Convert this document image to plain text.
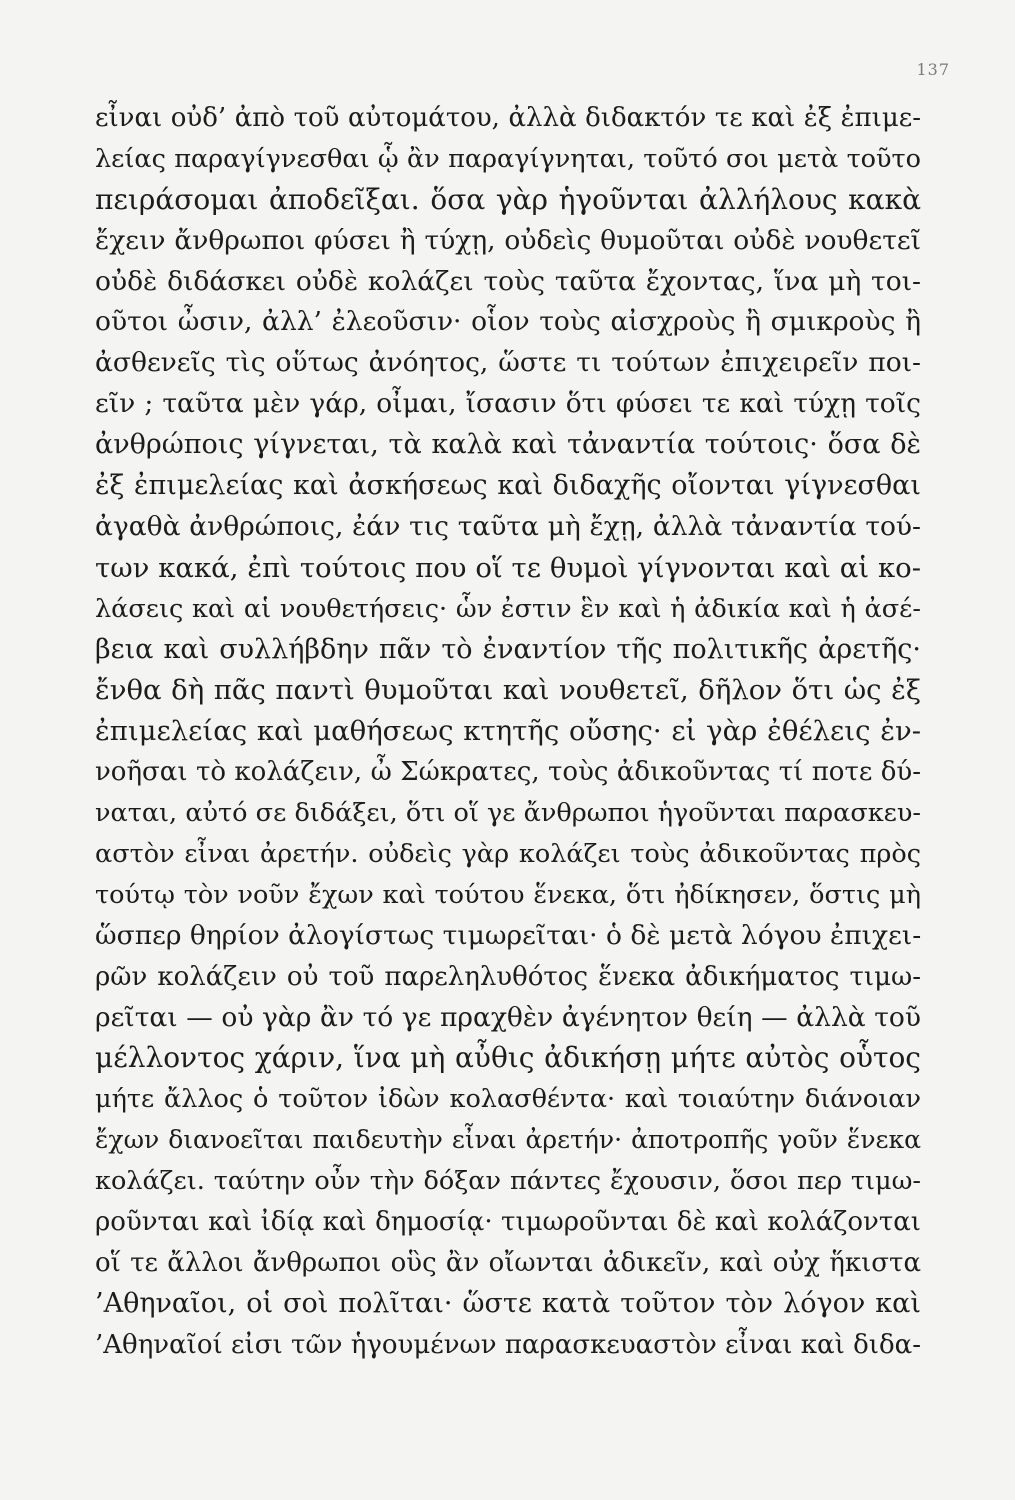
137
εἶναι οὐδ’ ἀπὸ τοῦ αὐτομάτου, ἀλλὰ διδακτόν τε καὶ ἐξ ἐπιμε-
λείας παραγίγνεσθαι ᾧ ἂν παραγίγνηται, τοῦτό σοι μετὰ τοῦτο
πειράσομαι ἀποδεῖξαι. ὅσα γὰρ ἡγοῦνται ἀλλήλους κακὰ
ἔχειν ἄνθρωποι φύσει ἢ τύχῃ, οὐδεὶς θυμοῦται οὐδὲ νουθετεῖ
οὐδὲ διδάσκει οὐδὲ κολάζει τοὺς ταῦτα ἔχοντας, ἵνα μὴ τοι-
οῦτοι ὦσιν, ἀλλ’ ἐλεοῦσιν· οἷον τοὺς αἰσχροὺς ἢ σμικροὺς ἢ
ἀσθενεῖς τὶς οὕτως ἀνόητος, ὥστε τι τούτων ἐπιχειρεῖν ποι-
εῖν ; ταῦτα μὲν γάρ, οἶμαι, ἴσασιν ὅτι φύσει τε καὶ τύχῃ τοῖς
ἀνθρώποις γίγνεται, τὰ καλὰ καὶ τἀναντία τούτοις· ὅσα δὲ
ἐξ ἐπιμελείας καὶ ἀσκήσεως καὶ διδαχῆς οἴονται γίγνεσθαι
ἀγαθὰ ἀνθρώποις, ἐάν τις ταῦτα μὴ ἔχῃ, ἀλλὰ τἀναντία τού-
των κακά, ἐπὶ τούτοις που οἵ τε θυμοὶ γίγνονται καὶ αἱ κο-
λάσεις καὶ αἱ νουθετήσεις· ὧν ἐστιν ἓν καὶ ἡ ἀδικία καὶ ἡ ἀσέ-
βεια καὶ συλλήβδην πᾶν τὸ ἐναντίον τῆς πολιτικῆς ἀρετῆς·
ἔνθα δὴ πᾶς παντὶ θυμοῦται καὶ νουθετεῖ, δῆλον ὅτι ὡς ἐξ
ἐπιμελείας καὶ μαθήσεως κτητῆς οὔσης· εἰ γὰρ ἐθέλεις ἐν-
νοῆσαι τὸ κολάζειν, ὦ Σώκρατες, τοὺς ἀδικοῦντας τί ποτε δύ-
ναται, αὐτό σε διδάξει, ὅτι οἵ γε ἄνθρωποι ἡγοῦνται παρασκευ-
αστὸν εἶναι ἀρετήν. οὐδεὶς γὰρ κολάζει τοὺς ἀδικοῦντας πρὸς
τούτῳ τὸν νοῦν ἔχων καὶ τούτου ἕνεκα, ὅτι ἠδίκησεν, ὅστις μὴ
ὥσπερ θηρίον ἀλογίστως τιμωρεῖται· ὁ δὲ μετὰ λόγου ἐπιχει-
ρῶν κολάζειν οὐ τοῦ παρεληλυθότος ἕνεκα ἀδικήματος τιμω-
ρεῖται — οὐ γὰρ ἂν τό γε πραχθὲν ἀγένητον θείη — ἀλλὰ τοῦ
μέλλοντος χάριν, ἵνα μὴ αὖθις ἀδικήσῃ μήτε αὐτὸς οὗτος
μήτε ἄλλος ὁ τοῦτον ἰδὼν κολασθέντα· καὶ τοιαύτην διάνοιαν
ἔχων διανοεῖται παιδευτὴν εἶναι ἀρετήν· ἀποτροπῆς γοῦν ἕνεκα
κολάζει. ταύτην οὖν τὴν δόξαν πάντες ἔχουσιν, ὅσοι περ τιμω-
ροῦνται καὶ ἰδίᾳ καὶ δημοσίᾳ· τιμωροῦνται δὲ καὶ κολάζονται
οἵ τε ἄλλοι ἄνθρωποι οὓς ἂν οἴωνται ἀδικεῖν, καὶ οὐχ ἥκιστα
’Αθηναῖοι, οἱ σοὶ πολῖται· ὥστε κατὰ τοῦτον τὸν λόγον καὶ
’Αθηναῖοί εἰσι τῶν ἡγουμένων παρασκευαστὸν εἶναι καὶ διδα-
